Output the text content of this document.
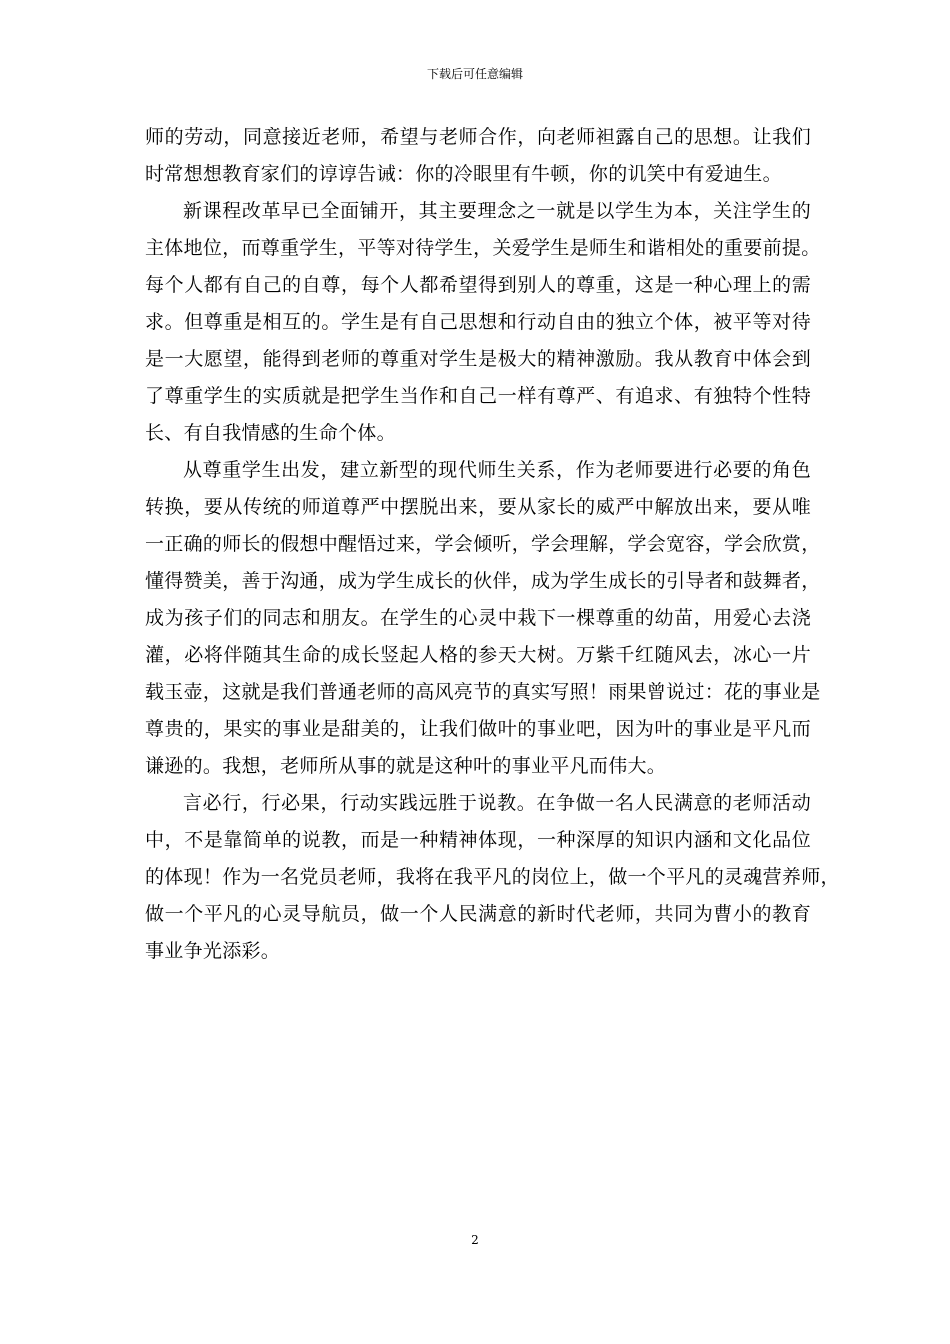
下载后可任意编辑
师的劳动，同意接近老师，希望与老师合作，向老师袒露自己的思想。让我们
时常想想教育家们的谆谆告诫：你的冷眼里有牛顿，你的讥笑中有爱迪生。
新课程改革早已全面铺开，其主要理念之一就是以学生为本，关注学生的
主体地位，而尊重学生，平等对待学生，关爱学生是师生和谐相处的重要前提。
每个人都有自己的自尊，每个人都希望得到别人的尊重，这是一种心理上的需
求。但尊重是相互的。学生是有自己思想和行动自由的独立个体，被平等对待
是一大愿望，能得到老师的尊重对学生是极大的精神激励。我从教育中体会到
了尊重学生的实质就是把学生当作和自己一样有尊严、有追求、有独特个性特
长、有自我情感的生命个体。
从尊重学生出发，建立新型的现代师生关系，作为老师要进行必要的角色
转换，要从传统的师道尊严中摆脱出来，要从家长的威严中解放出来，要从唯
一正确的师长的假想中醒悟过来，学会倾听，学会理解，学会宽容，学会欣赏，
懂得赞美，善于沟通，成为学生成长的伙伴，成为学生成长的引导者和鼓舞者，
成为孩子们的同志和朋友。在学生的心灵中栽下一棵尊重的幼苗，用爱心去浇
灌，必将伴随其生命的成长竖起人格的参天大树。万紫千红随风去，冰心一片
载玉壶，这就是我们普通老师的高风亮节的真实写照！雨果曾说过：花的事业是
尊贵的，果实的事业是甜美的，让我们做叶的事业吧，因为叶的事业是平凡而
谦逊的。我想，老师所从事的就是这种叶的事业平凡而伟大。
言必行，行必果，行动实践远胜于说教。在争做一名人民满意的老师活动
中，不是靠简单的说教，而是一种精神体现，一种深厚的知识内涵和文化品位
的体现！作为一名党员老师，我将在我平凡的岗位上，做一个平凡的灵魂营养师，
做一个平凡的心灵导航员，做一个人民满意的新时代老师，共同为曹小的教育
事业争光添彩。
2
